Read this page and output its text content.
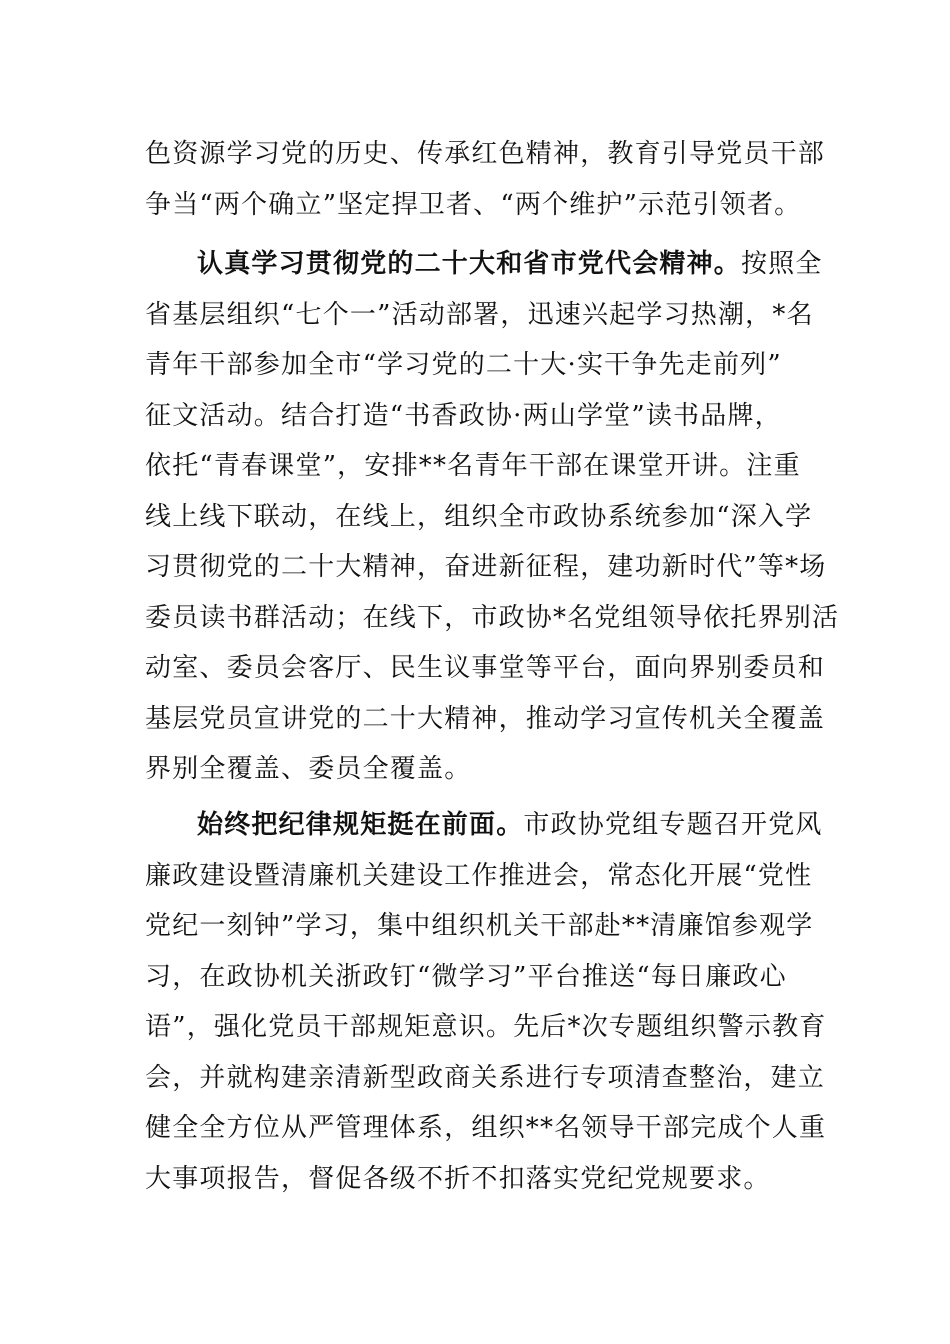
色资源学习党的历史、传承红色精神，教育引导党员干部
争当“两个确立”坚定捍卫者、“两个维护”示范引领者。
认真学习贯彻党的二十大和省市党代会精神。按照全
省基层组织“七个一”活动部署，迅速兴起学习热潮，*名
青年干部参加全市“学习党的二十大·实干争先走前列”
征文活动。结合打造“书香政协·两山学堂”读书品牌，
依托“青春课堂”，安排**名青年干部在课堂开讲。注重
线上线下联动，在线上，组织全市政协系统参加“深入学
习贯彻党的二十大精神，奋进新征程，建功新时代”等*场
委员读书群活动；在线下，市政协*名党组领导依托界别活
动室、委员会客厅、民生议事堂等平台，面向界别委员和
基层党员宣讲党的二十大精神，推动学习宣传机关全覆盖
界别全覆盖、委员全覆盖。
始终把纪律规矩挺在前面。市政协党组专题召开党风
廉政建设暨清廉机关建设工作推进会，常态化开展“党性
党纪一刻钟”学习，集中组织机关干部赴**清廉馆参观学
习，在政协机关浙政钉“微学习”平台推送“每日廉政心
语”，强化党员干部规矩意识。先后*次专题组织警示教育
会，并就构建亲清新型政商关系进行专项清查整治，建立
健全全方位从严管理体系，组织**名领导干部完成个人重
大事项报告，督促各级不折不扣落实党纪党规要求。
